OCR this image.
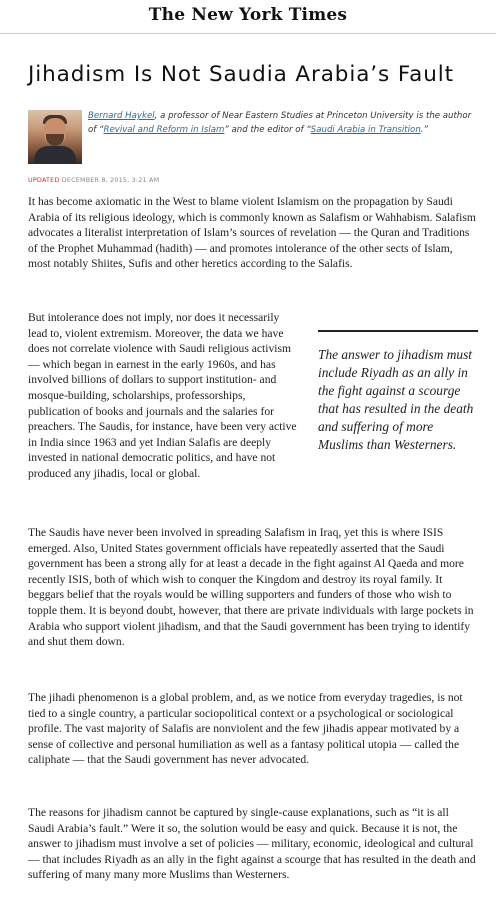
The New York Times
Jihadism Is Not Saudia Arabia’s Fault

Bernard Haykel, a professor of Near Eastern Studies at Princeton University is the author of “Revival and Reform in Islam” and the editor of “Saudi Arabia in Transition.”

UPDATED DECEMBER 8, 2015, 3:21 AM

It has become axiomatic in the West to blame violent Islamism on the propagation by Saudi Arabia of its religious ideology, which is commonly known as Salafism or Wahhabism. Salafism advocates a literalist interpretation of Islam’s sources of revelation — the Quran and Traditions of the Prophet Muhammad (hadith) — and promotes intolerance of the other sects of Islam, most notably Shiites, Sufis and other heretics according to the Salafis.

But intolerance does not imply, nor does it necessarily lead to, violent extremism. Moreover, the data we have does not correlate violence with Saudi religious activism — which began in earnest in the early 1960s, and has involved billions of dollars to support institution- and mosque-building, scholarships, professorships, publication of books and journals and the salaries for preachers. The Saudis, for instance, have been very active in India since 1963 and yet Indian Salafis are deeply invested in national democratic politics, and have not produced any jihadis, local or global.

The answer to jihadism must include Riyadh as an ally in the fight against a scourge that has resulted in the death and suffering of more Muslims than Westerners.

The Saudis have never been involved in spreading Salafism in Iraq, yet this is where ISIS emerged. Also, United States government officials have repeatedly asserted that the Saudi government has been a strong ally for at least a decade in the fight against Al Qaeda and more recently ISIS, both of which wish to conquer the Kingdom and destroy its royal family. It beggars belief that the royals would be willing supporters and funders of those who wish to topple them. It is beyond doubt, however, that there are private individuals with large pockets in Arabia who support violent jihadism, and that the Saudi government has been trying to identify and shut them down.

The jihadi phenomenon is a global problem, and, as we notice from everyday tragedies, is not tied to a single country, a particular sociopolitical context or a psychological or sociological profile. The vast majority of Salafis are nonviolent and the few jihadis appear motivated by a sense of collective and personal humiliation as well as a fantasy political utopia — called the caliphate — that the Saudi government has never advocated.

The reasons for jihadism cannot be captured by single-cause explanations, such as “it is all Saudi Arabia’s fault.” Were it so, the solution would be easy and quick. Because it is not, the answer to jihadism must involve a set of policies — military, economic, ideological and cultural — that includes Riyadh as an ally in the fight against a scourge that has resulted in the death and suffering of many many more Muslims than Westerners.
